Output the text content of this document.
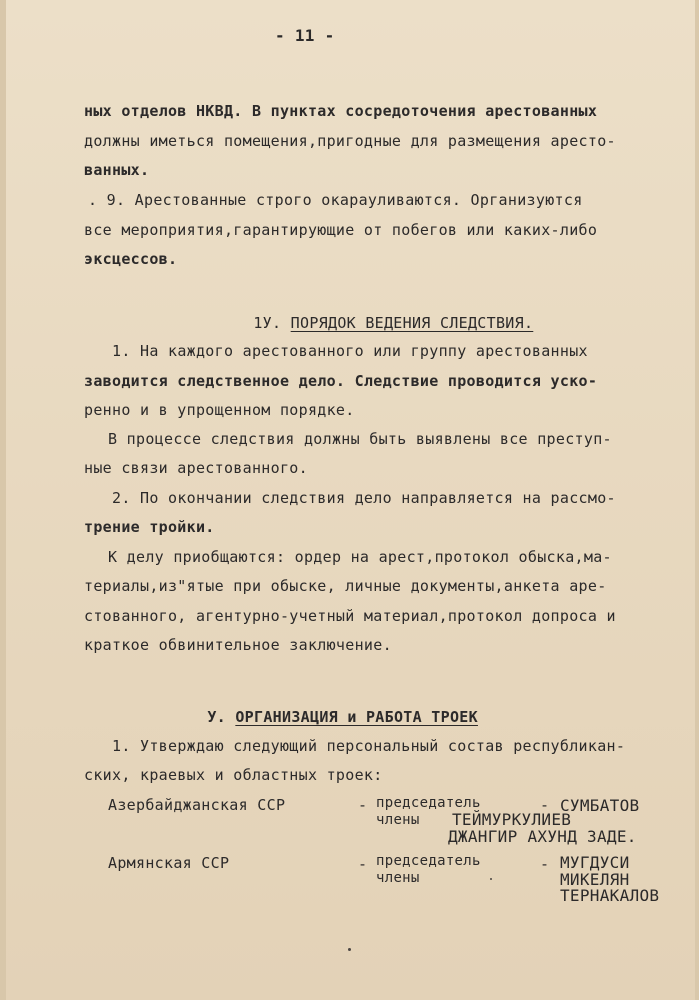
- 11 -
ных отделов НКВД. В пунктах сосредоточения арестованных
должны иметься помещения,пригодные для размещения аресто-
ванных.
. 9. Арестованные строго окарауливаются. Организуются
все мероприятия,гарантирующие от побегов или каких-либо
эксцессов.

1У. ПОРЯДОК ВЕДЕНИЯ СЛЕДСТВИЯ.

1. На каждого арестованного или группу арестованных
заводится следственное дело. Следствие проводится уско-
ренно и в упрощенном порядке.
В процессе следствия должны быть выявлены все преступ-
ные связи арестованного.
2. По окончании следствия дело направляется на рассмо-
трение тройки.
К делу приобщаются: ордер на арест,протокол обыска,ма-
териалы,из"ятые при обыске, личные документы,анкета аре-
стованного, агентурно-учетный материал,протокол допроса и
краткое обвинительное заключение.

У. ОРГАНИЗАЦИЯ и РАБОТА ТРОЕК

1. Утверждаю следующий персональный состав республикан-
ских, краевых и областных троек:
Азербайджанская ССР	- председатель
члены
- СУМБАТОВ
ТЕЙМУРКУЛИЕВ
ДЖАНГИР АХУНД ЗАДЕ.
Армянская ССР	- председатель
члены
- МУГДУСИ
МИКЕЛЯН
ТЕРНАКАЛОВ
